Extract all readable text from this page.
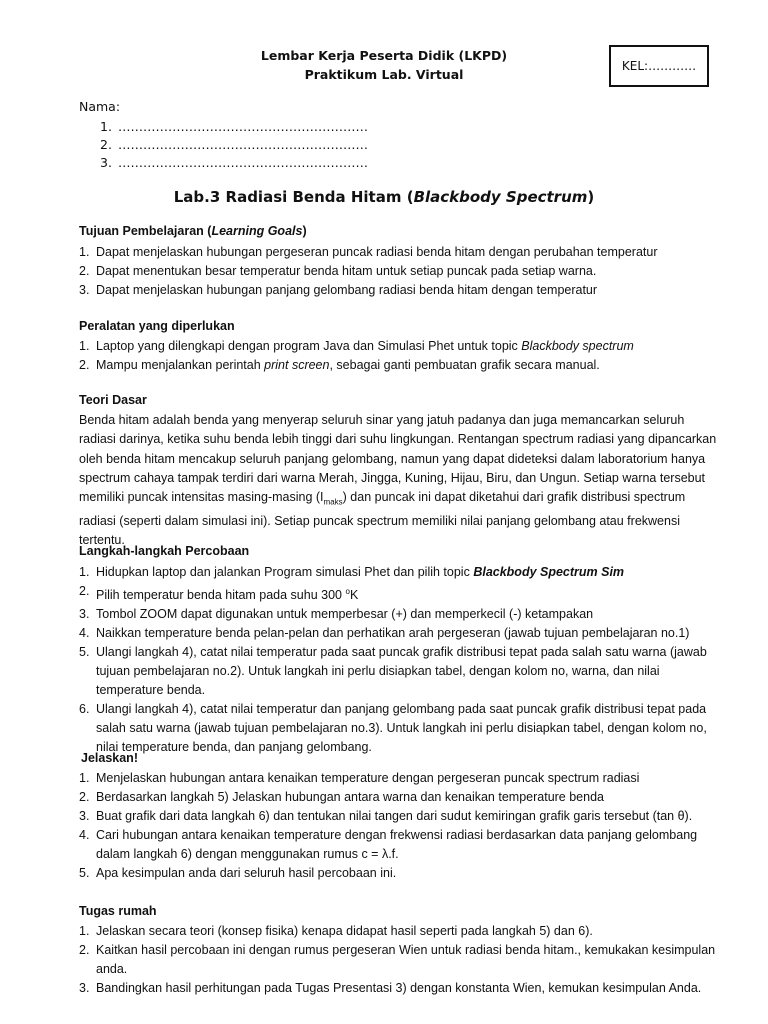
Lembar Kerja Peserta Didik (LKPD)
Praktikum Lab. Virtual
KEL:…………
Nama:
1. ……………………………………………………
2. ……………………………………………………
3. ……………………………………………………
Lab.3 Radiasi Benda Hitam (Blackbody Spectrum)
Tujuan Pembelajaran (Learning Goals)
1. Dapat menjelaskan hubungan pergeseran puncak radiasi benda hitam dengan perubahan temperatur
2. Dapat menentukan besar temperatur benda hitam untuk setiap puncak pada setiap warna.
3. Dapat menjelaskan hubungan panjang gelombang radiasi benda hitam dengan temperatur
Peralatan yang diperlukan
1. Laptop yang dilengkapi dengan program Java dan Simulasi Phet untuk topic Blackbody spectrum
2. Mampu menjalankan perintah print screen, sebagai ganti pembuatan grafik secara manual.
Teori Dasar

Benda hitam adalah benda yang menyerap seluruh sinar yang jatuh padanya dan juga memancarkan seluruh radiasi darinya, ketika suhu benda lebih tinggi dari suhu lingkungan. Rentangan spectrum radiasi yang dipancarkan oleh benda hitam mencakup seluruh panjang gelombang, namun yang dapat dideteksi dalam laboratorium hanya spectrum cahaya tampak terdiri dari warna Merah, Jingga, Kuning, Hijau, Biru, dan Ungun. Setiap warna tersebut memiliki puncak intensitas masing-masing $(I_{maks})$ dan puncak ini dapat diketahui dari grafik distribusi spectrum radiasi (seperti dalam simulasi ini). Setiap puncak spectrum memiliki nilai panjang gelombang atau frekwensi tertentu.

Langkah-langkah Percobaan
1. Hidupkan laptop dan jalankan Program simulasi Phet dan pilih topic Blackbody Spectrum Sim
2. Pilih temperatur benda hitam pada suhu 300 $^o$K
3. Tombol ZOOM dapat digunakan untuk memperbesar (+) dan memperkecil (-) ketampakan
4. Naikkan temperature benda pelan-pelan dan perhatikan arah pergeseran (jawab tujuan pembelajaran no.1)
5. Ulangi langkah 4), catat nilai temperatur pada saat puncak grafik distribusi tepat pada salah satu warna (jawab tujuan pembelajaran no.2). Untuk langkah ini perlu disiapkan tabel, dengan kolom no, warna, dan nilai temperature benda.
6. Ulangi langkah 4), catat nilai temperatur dan panjang gelombang pada saat puncak grafik distribusi tepat pada salah satu warna (jawab tujuan pembelajaran no.3). Untuk langkah ini perlu disiapkan tabel, dengan kolom no, nilai temperature benda, dan panjang gelombang.
Jelaskan!
1. Menjelaskan hubungan antara kenaikan temperature dengan pergeseran puncak spectrum radiasi
2. Berdasarkan langkah 5) Jelaskan hubungan antara warna dan kenaikan temperature benda
3. Buat grafik dari data langkah 6) dan tentukan nilai tangen dari sudut kemiringan grafik garis tersebut (tan θ).
4. Cari hubungan antara kenaikan temperature dengan frekwensi radiasi berdasarkan data panjang gelombang dalam langkah 6) dengan menggunakan rumus c = λ.f.
5. Apa kesimpulan anda dari seluruh hasil percobaan ini.
Tugas rumah
1. Jelaskan secara teori (konsep fisika) kenapa didapat hasil seperti pada langkah 5) dan 6).
2. Kaitkan hasil percobaan ini dengan rumus pergeseran Wien untuk radiasi benda hitam., kemukakan kesimpulan anda.
3. Bandingkan hasil perhitungan pada Tugas Presentasi 3) dengan konstanta Wien, kemukan kesimpulan Anda.
